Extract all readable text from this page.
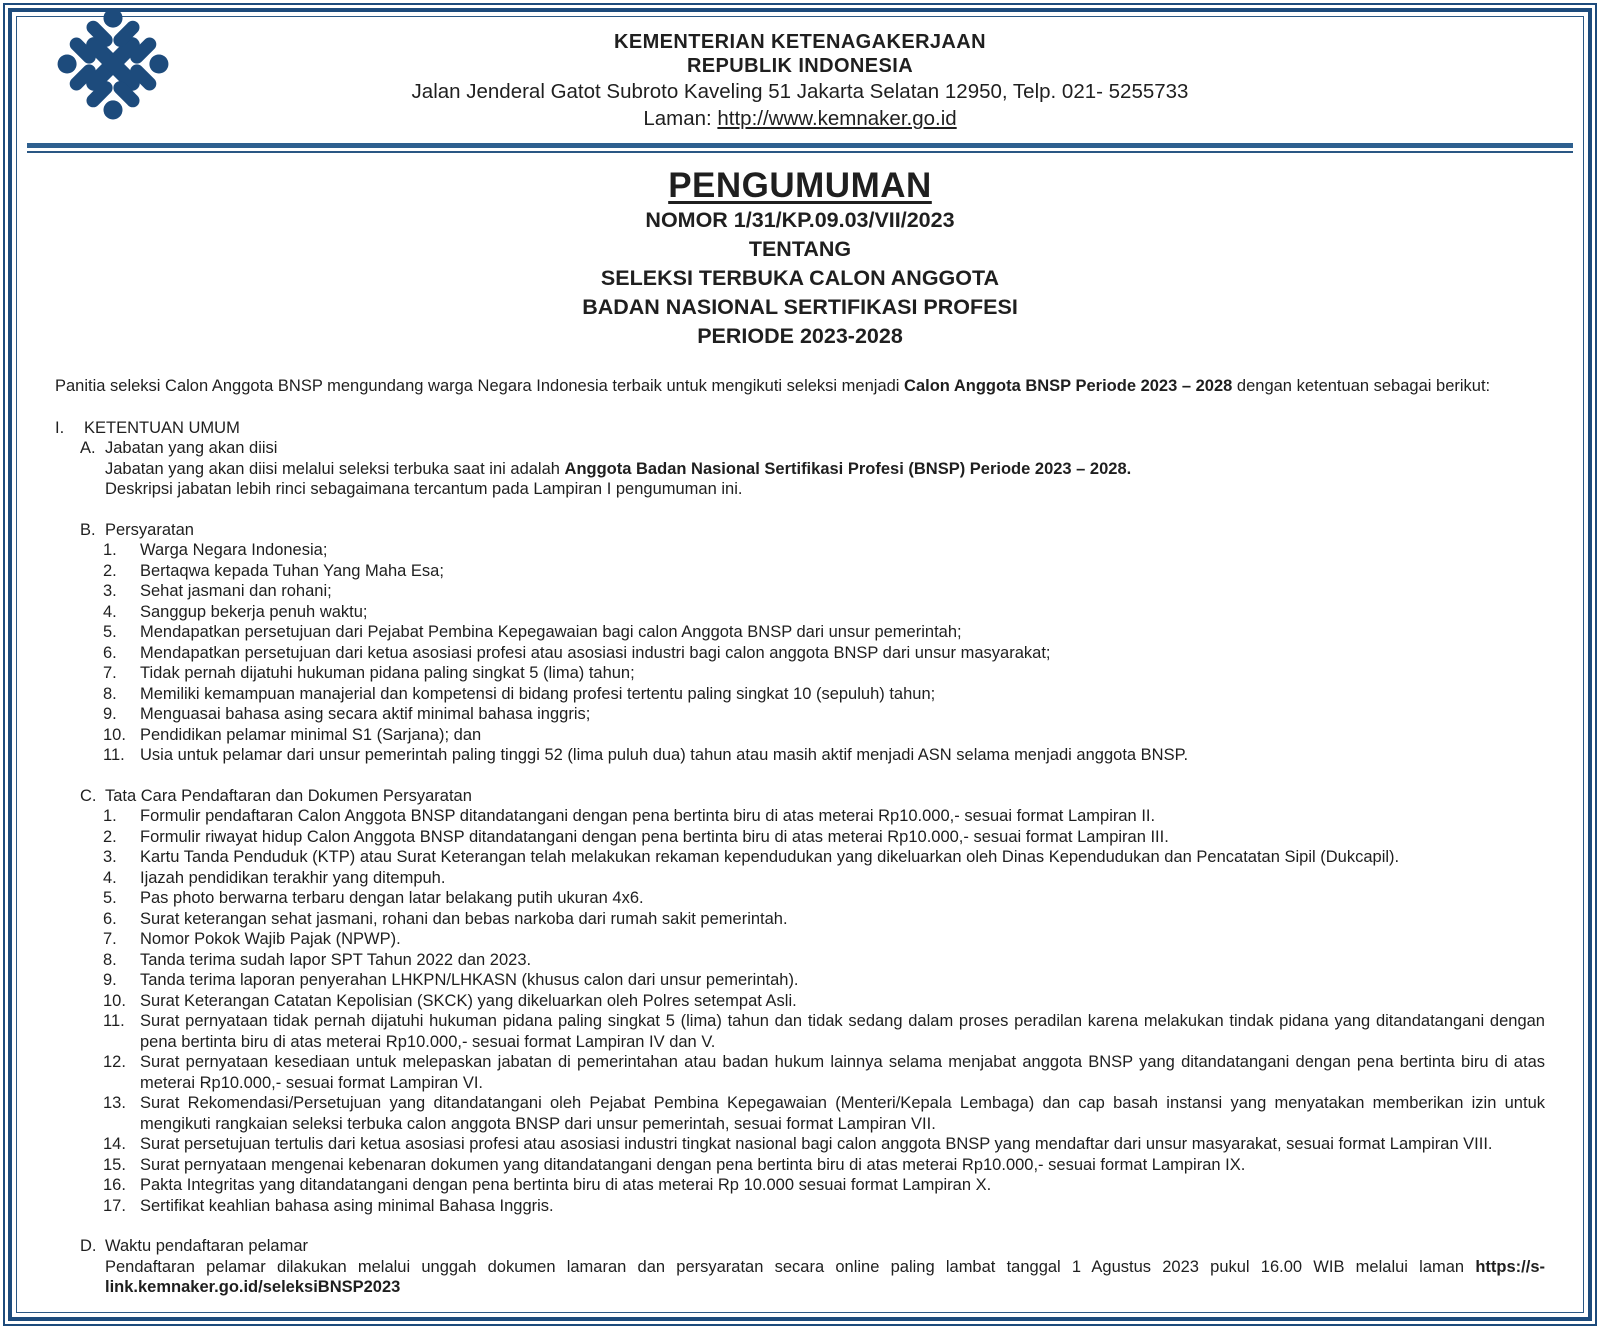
KEMENTERIAN KETENAGAKERJAAN
REPUBLIK INDONESIA
Jalan Jenderal Gatot Subroto Kaveling 51 Jakarta Selatan 12950, Telp. 021- 5255733
Laman: http://www.kemnaker.go.id
PENGUMUMAN
NOMOR 1/31/KP.09.03/VII/2023
TENTANG
SELEKSI TERBUKA CALON ANGGOTA
BADAN NASIONAL SERTIFIKASI PROFESI
PERIODE 2023-2028
Panitia seleksi Calon Anggota BNSP mengundang warga Negara Indonesia terbaik untuk mengikuti seleksi menjadi Calon Anggota BNSP Periode 2023 – 2028 dengan ketentuan sebagai berikut:
I.	KETENTUAN UMUM
A. Jabatan yang akan diisi
Jabatan yang akan diisi melalui seleksi terbuka saat ini adalah Anggota Badan Nasional Sertifikasi Profesi (BNSP) Periode 2023 – 2028.
Deskripsi jabatan lebih rinci sebagaimana tercantum pada Lampiran I pengumuman ini.
B. Persyaratan
1.	Warga Negara Indonesia;
2.	Bertaqwa kepada Tuhan Yang Maha Esa;
3.	Sehat jasmani dan rohani;
4.	Sanggup bekerja penuh waktu;
5.	Mendapatkan persetujuan dari Pejabat Pembina Kepegawaian bagi calon Anggota BNSP dari unsur pemerintah;
6.	Mendapatkan persetujuan dari ketua asosiasi profesi atau asosiasi industri bagi calon anggota BNSP dari unsur masyarakat;
7.	Tidak pernah dijatuhi hukuman pidana paling singkat 5 (lima) tahun;
8.	Memiliki kemampuan manajerial dan kompetensi di bidang profesi tertentu paling singkat 10 (sepuluh) tahun;
9.	Menguasai bahasa asing secara aktif minimal bahasa inggris;
10. Pendidikan pelamar minimal S1 (Sarjana); dan
11. Usia untuk pelamar dari unsur pemerintah paling tinggi 52 (lima puluh dua) tahun atau masih aktif menjadi ASN selama menjadi anggota BNSP.
C. Tata Cara Pendaftaran dan Dokumen Persyaratan
1.	Formulir pendaftaran Calon Anggota BNSP ditandatangani dengan pena bertinta biru di atas meterai Rp10.000,- sesuai format Lampiran II.
2.	Formulir riwayat hidup Calon Anggota BNSP ditandatangani dengan pena bertinta biru di atas meterai Rp10.000,- sesuai format Lampiran III.
3.	Kartu Tanda Penduduk (KTP) atau Surat Keterangan telah melakukan rekaman kependudukan yang dikeluarkan oleh Dinas Kependudukan dan Pencatatan Sipil (Dukcapil).
4.	Ijazah pendidikan terakhir yang ditempuh.
5.	Pas photo berwarna terbaru dengan latar belakang putih ukuran 4x6.
6.	Surat keterangan sehat jasmani, rohani dan bebas narkoba dari rumah sakit pemerintah.
7.	Nomor Pokok Wajib Pajak (NPWP).
8.	Tanda terima sudah lapor SPT Tahun 2022 dan 2023.
9.	Tanda terima laporan penyerahan LHKPN/LHKASN (khusus calon dari unsur pemerintah).
10. Surat Keterangan Catatan Kepolisian (SKCK) yang dikeluarkan oleh Polres setempat Asli.
11. Surat pernyataan tidak pernah dijatuhi hukuman pidana paling singkat 5 (lima) tahun dan tidak sedang dalam proses peradilan karena melakukan tindak pidana yang ditandatangani dengan pena bertinta biru di atas meterai Rp10.000,- sesuai format Lampiran IV dan V.
12. Surat pernyataan kesediaan untuk melepaskan jabatan di pemerintahan atau badan hukum lainnya selama menjabat anggota BNSP yang ditandatangani dengan pena bertinta biru di atas meterai Rp10.000,- sesuai format Lampiran VI.
13. Surat Rekomendasi/Persetujuan yang ditandatangani oleh Pejabat Pembina Kepegawaian (Menteri/Kepala Lembaga) dan cap basah instansi yang menyatakan memberikan izin untuk mengikuti rangkaian seleksi terbuka calon anggota BNSP dari unsur pemerintah, sesuai format Lampiran VII.
14. Surat persetujuan tertulis dari ketua asosiasi profesi atau asosiasi industri tingkat nasional bagi calon anggota BNSP yang mendaftar dari unsur masyarakat, sesuai format Lampiran VIII.
15. Surat pernyataan mengenai kebenaran dokumen yang ditandatangani dengan pena bertinta biru di atas meterai Rp10.000,- sesuai format Lampiran IX.
16. Pakta Integritas yang ditandatangani dengan pena bertinta biru di atas meterai Rp 10.000 sesuai format Lampiran X.
17. Sertifikat keahlian bahasa asing minimal Bahasa Inggris.
D. Waktu pendaftaran pelamar
Pendaftaran pelamar dilakukan melalui unggah dokumen lamaran dan persyaratan secara online paling lambat tanggal 1 Agustus 2023 pukul 16.00 WIB melalui laman https://s-link.kemnaker.go.id/seleksiBNSP2023
